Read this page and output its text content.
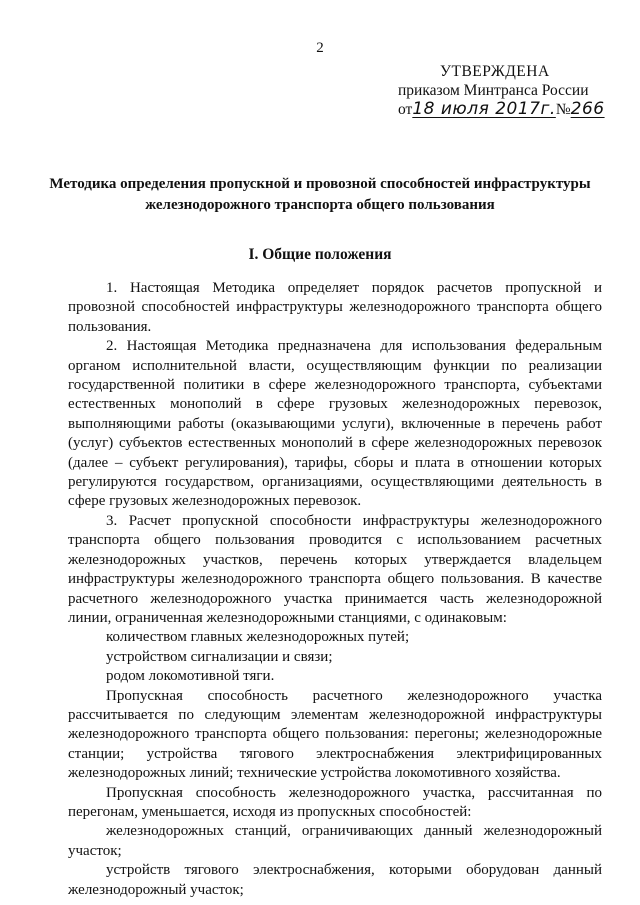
2
УТВЕРЖДЕНА
приказом Минтранса России
от18 июля 2017г.№266
Методика определения пропускной и провозной способностей инфраструктуры железнодорожного транспорта общего пользования
I. Общие положения

1. Настоящая Методика определяет порядок расчетов пропускной и провозной способностей инфраструктуры железнодорожного транспорта общего пользования.

2. Настоящая Методика предназначена для использования федеральным органом исполнительной власти, осуществляющим функции по реализации государственной политики в сфере железнодорожного транспорта, субъектами естественных монополий в сфере грузовых железнодорожных перевозок, выполняющими работы (оказывающими услуги), включенные в перечень работ (услуг) субъектов естественных монополий в сфере железнодорожных перевозок (далее – субъект регулирования), тарифы, сборы и плата в отношении которых регулируются государством, организациями, осуществляющими деятельность в сфере грузовых железнодорожных перевозок.

3. Расчет пропускной способности инфраструктуры железнодорожного транспорта общего пользования проводится с использованием расчетных железнодорожных участков, перечень которых утверждается владельцем инфраструктуры железнодорожного транспорта общего пользования. В качестве расчетного железнодорожного участка принимается часть железнодорожной линии, ограниченная железнодорожными станциями, с одинаковым:

количеством главных железнодорожных путей;

устройством сигнализации и связи;

родом локомотивной тяги.

Пропускная способность расчетного железнодорожного участка рассчитывается по следующим элементам железнодорожной инфраструктуры железнодорожного транспорта общего пользования: перегоны; железнодорожные станции; устройства тягового электроснабжения электрифицированных железнодорожных линий; технические устройства локомотивного хозяйства.

Пропускная способность железнодорожного участка, рассчитанная по перегонам, уменьшается, исходя из пропускных способностей:

железнодорожных станций, ограничивающих данный железнодорожный участок;

устройств тягового электроснабжения, которыми оборудован данный железнодорожный участок;
